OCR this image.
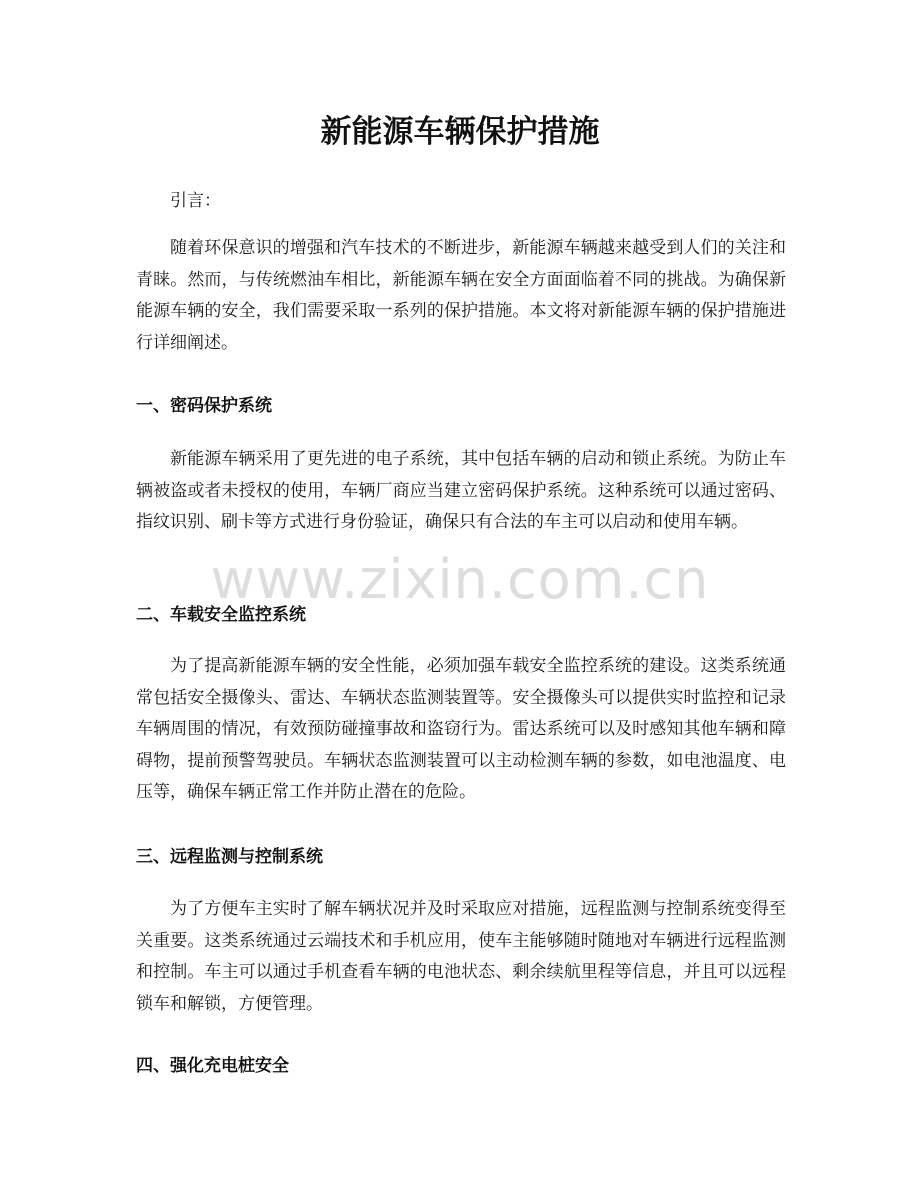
新能源车辆保护措施

引言：

随着环保意识的增强和汽车技术的不断进步，新能源车辆越来越受到人们的关注和青睐。然而，与传统燃油车相比，新能源车辆在安全方面面临着不同的挑战。为确保新能源车辆的安全，我们需要采取一系列的保护措施。本文将对新能源车辆的保护措施进行详细阐述。

一、密码保护系统

新能源车辆采用了更先进的电子系统，其中包括车辆的启动和锁止系统。为防止车辆被盗或者未授权的使用，车辆厂商应当建立密码保护系统。这种系统可以通过密码、指纹识别、刷卡等方式进行身份验证，确保只有合法的车主可以启动和使用车辆。

二、车载安全监控系统

为了提高新能源车辆的安全性能，必须加强车载安全监控系统的建设。这类系统通常包括安全摄像头、雷达、车辆状态监测装置等。安全摄像头可以提供实时监控和记录车辆周围的情况，有效预防碰撞事故和盗窃行为。雷达系统可以及时感知其他车辆和障碍物，提前预警驾驶员。车辆状态监测装置可以主动检测车辆的参数，如电池温度、电压等，确保车辆正常工作并防止潜在的危险。

三、远程监测与控制系统

为了方便车主实时了解车辆状况并及时采取应对措施，远程监测与控制系统变得至关重要。这类系统通过云端技术和手机应用，使车主能够随时随地对车辆进行远程监测和控制。车主可以通过手机查看车辆的电池状态、剩余续航里程等信息，并且可以远程锁车和解锁，方便管理。

四、强化充电桩安全

www.zixin.com.cn
